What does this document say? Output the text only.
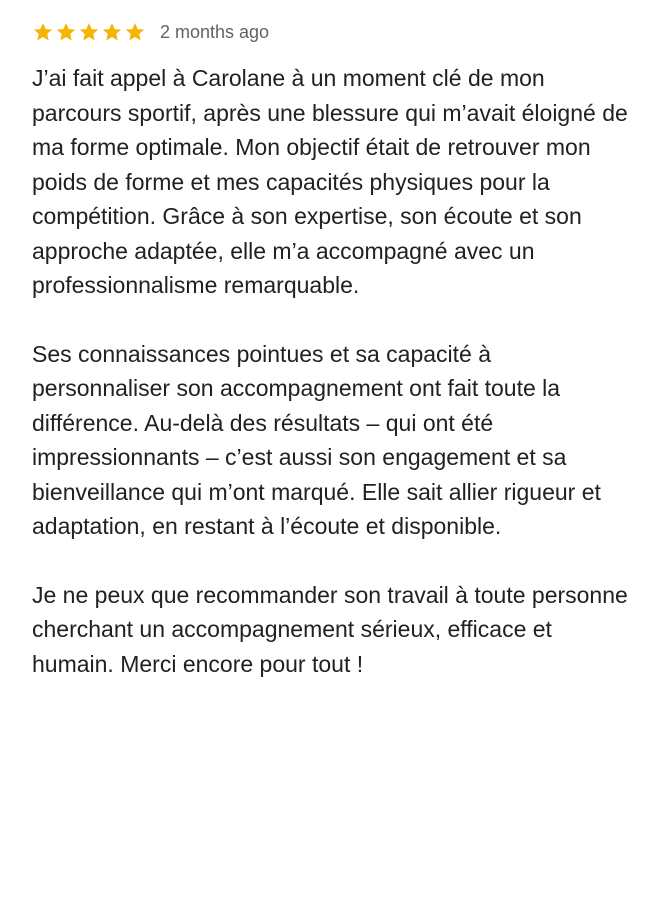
2 months ago

J’ai fait appel à Carolane à un moment clé de mon parcours sportif, après une blessure qui m’avait éloigné de ma forme optimale. Mon objectif était de retrouver mon poids de forme et mes capacités physiques pour la compétition. Grâce à son expertise, son écoute et son approche adaptée, elle m’a accompagné avec un professionnalisme remarquable.

Ses connaissances pointues et sa capacité à personnaliser son accompagnement ont fait toute la différence. Au-delà des résultats – qui ont été impressionnants – c’est aussi son engagement et sa bienveillance qui m’ont marqué. Elle sait allier rigueur et adaptation, en restant à l’écoute et disponible.

Je ne peux que recommander son travail à toute personne cherchant un accompagnement sérieux, efficace et humain. Merci encore pour tout !
